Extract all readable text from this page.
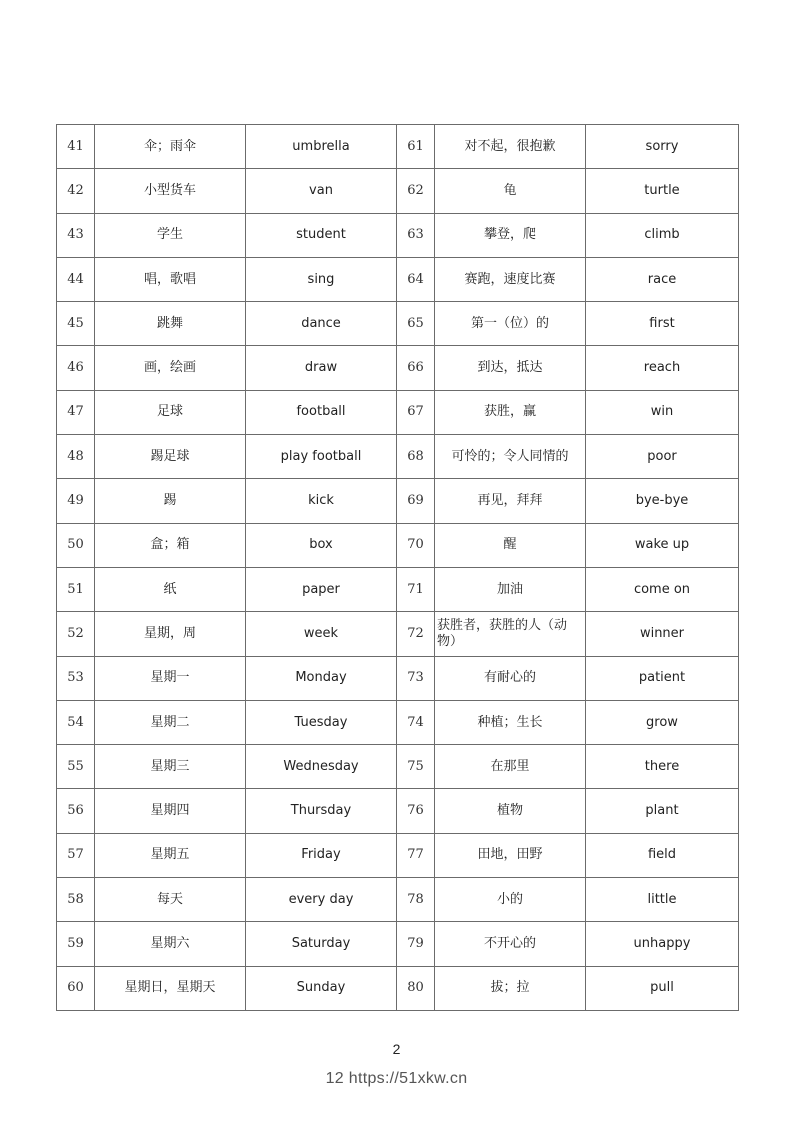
41	伞；雨伞	umbrella	61	对不起，很抱歉	sorry
42	小型货车	van	62	龟	turtle
43	学生	student	63	攀登，爬	climb
44	唱，歌唱	sing	64	赛跑，速度比赛	race
45	跳舞	dance	65	第一（位）的	first
46	画，绘画	draw	66	到达，抵达	reach
47	足球	football	67	获胜，赢	win
48	踢足球	play football	68	可怜的；令人同情的	poor
49	踢	kick	69	再见，拜拜	bye-bye
50	盒；箱	box	70	醒	wake up
51	纸	paper	71	加油	come on
52	星期，周	week	72	获胜者，获胜的人（动物）	winner
53	星期一	Monday	73	有耐心的	patient
54	星期二	Tuesday	74	种植；生长	grow
55	星期三	Wednesday	75	在那里	there
56	星期四	Thursday	76	植物	plant
57	星期五	Friday	77	田地，田野	field
58	每天	every day	78	小的	little
59	星期六	Saturday	79	不开心的	unhappy
60	星期日，星期天	Sunday	80	拔；拉	pull
2
12 https://51xkw.cn
